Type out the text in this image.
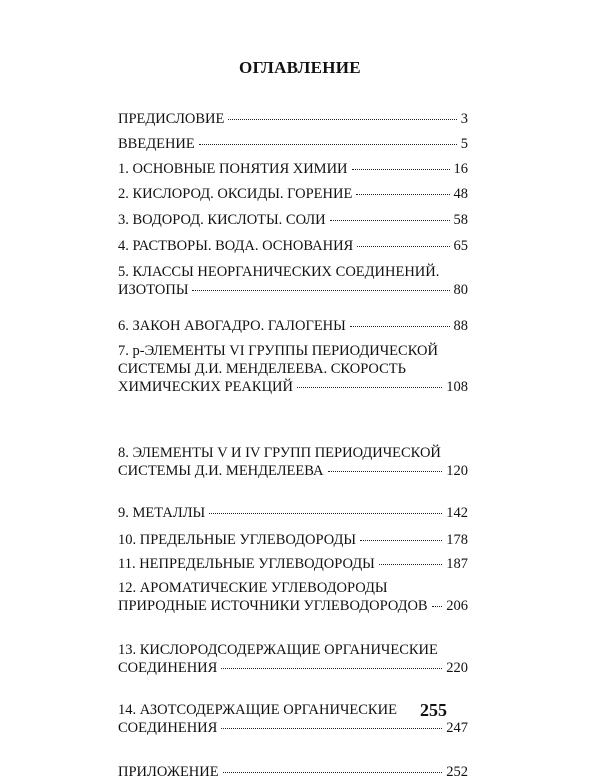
ОГЛАВЛЕНИЕ
ПРЕДИСЛОВИЕ	3
ВВЕДЕНИЕ	5
1. ОСНОВНЫЕ ПОНЯТИЯ ХИМИИ	16
2. КИСЛОРОД. ОКСИДЫ. ГОРЕНИЕ	48
3. ВОДОРОД. КИСЛОТЫ. СОЛИ	58
4. РАСТВОРЫ. ВОДА. ОСНОВАНИЯ	65
5. КЛАССЫ НЕОРГАНИЧЕСКИХ СОЕДИНЕНИЙ.
ИЗОТОПЫ	80
6. ЗАКОН АВОГАДРО. ГАЛОГЕНЫ	88
7. р-ЭЛЕМЕНТЫ VI ГРУППЫ ПЕРИОДИЧЕСКОЙ
СИСТЕМЫ Д.И. МЕНДЕЛЕЕВА. СКОРОСТЬ
ХИМИЧЕСКИХ РЕАКЦИЙ	108
8. ЭЛЕМЕНТЫ V И IV ГРУПП ПЕРИОДИЧЕСКОЙ
СИСТЕМЫ Д.И. МЕНДЕЛЕЕВА	120
9. МЕТАЛЛЫ	142
10. ПРЕДЕЛЬНЫЕ УГЛЕВОДОРОДЫ	178
11. НЕПРЕДЕЛЬНЫЕ УГЛЕВОДОРОДЫ	187
12. АРОМАТИЧЕСКИЕ УГЛЕВОДОРОДЫ
ПРИРОДНЫЕ ИСТОЧНИКИ УГЛЕВОДОРОДОВ 206
13. КИСЛОРОДСОДЕРЖАЩИЕ ОРГАНИЧЕСКИЕ
СОЕДИНЕНИЯ	220
14. АЗОТСОДЕРЖАЩИЕ ОРГАНИЧЕСКИЕ
СОЕДИНЕНИЯ	247
ПРИЛОЖЕНИЕ	252
255
